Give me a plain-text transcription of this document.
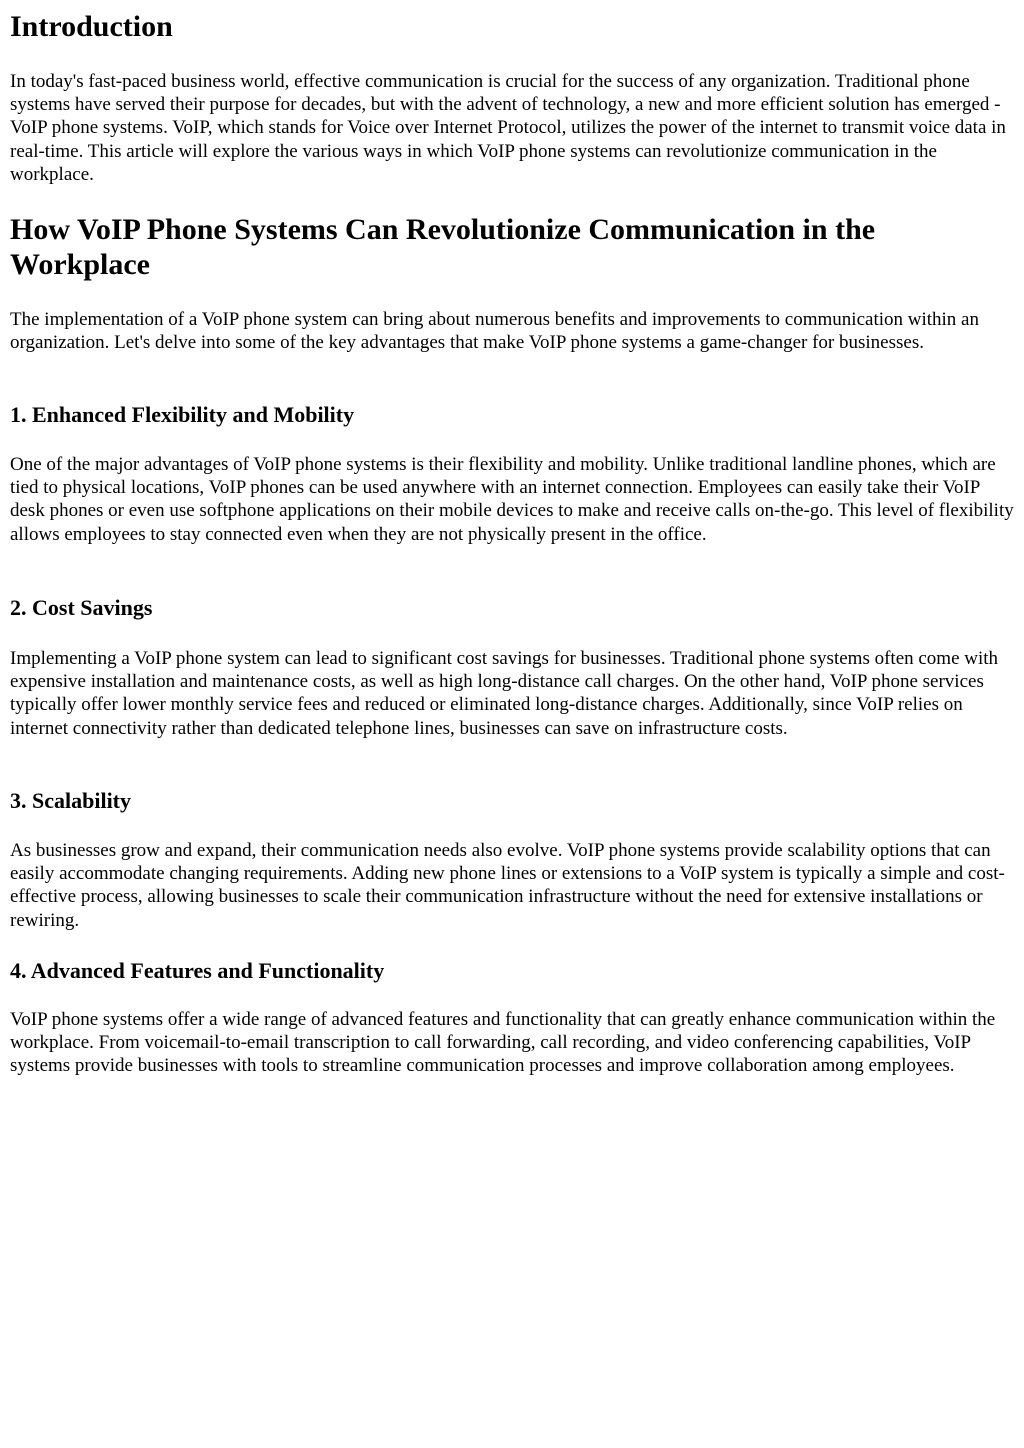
Introduction

In today's fast-paced business world, effective communication is crucial for the success of any organization. Traditional phone systems have served their purpose for decades, but with the advent of technology, a new and more efficient solution has emerged - VoIP phone systems. VoIP, which stands for Voice over Internet Protocol, utilizes the power of the internet to transmit voice data in real-time. This article will explore the various ways in which VoIP phone systems can revolutionize communication in the workplace.

How VoIP Phone Systems Can Revolutionize Communication in the Workplace

The implementation of a VoIP phone system can bring about numerous benefits and improvements to communication within an organization. Let's delve into some of the key advantages that make VoIP phone systems a game-changer for businesses.

1. Enhanced Flexibility and Mobility

One of the major advantages of VoIP phone systems is their flexibility and mobility. Unlike traditional landline phones, which are tied to physical locations, VoIP phones can be used anywhere with an internet connection. Employees can easily take their VoIP desk phones or even use softphone applications on their mobile devices to make and receive calls on-the-go. This level of flexibility allows employees to stay connected even when they are not physically present in the office.

2. Cost Savings

Implementing a VoIP phone system can lead to significant cost savings for businesses. Traditional phone systems often come with expensive installation and maintenance costs, as well as high long-distance call charges. On the other hand, VoIP phone services typically offer lower monthly service fees and reduced or eliminated long-distance charges. Additionally, since VoIP relies on internet connectivity rather than dedicated telephone lines, businesses can save on infrastructure costs.

3. Scalability

As businesses grow and expand, their communication needs also evolve. VoIP phone systems provide scalability options that can easily accommodate changing requirements. Adding new phone lines or extensions to a VoIP system is typically a simple and cost-effective process, allowing businesses to scale their communication infrastructure without the need for extensive installations or rewiring.

4. Advanced Features and Functionality

VoIP phone systems offer a wide range of advanced features and functionality that can greatly enhance communication within the workplace. From voicemail-to-email transcription to call forwarding, call recording, and video conferencing capabilities, VoIP systems provide businesses with tools to streamline communication processes and improve collaboration among employees.
